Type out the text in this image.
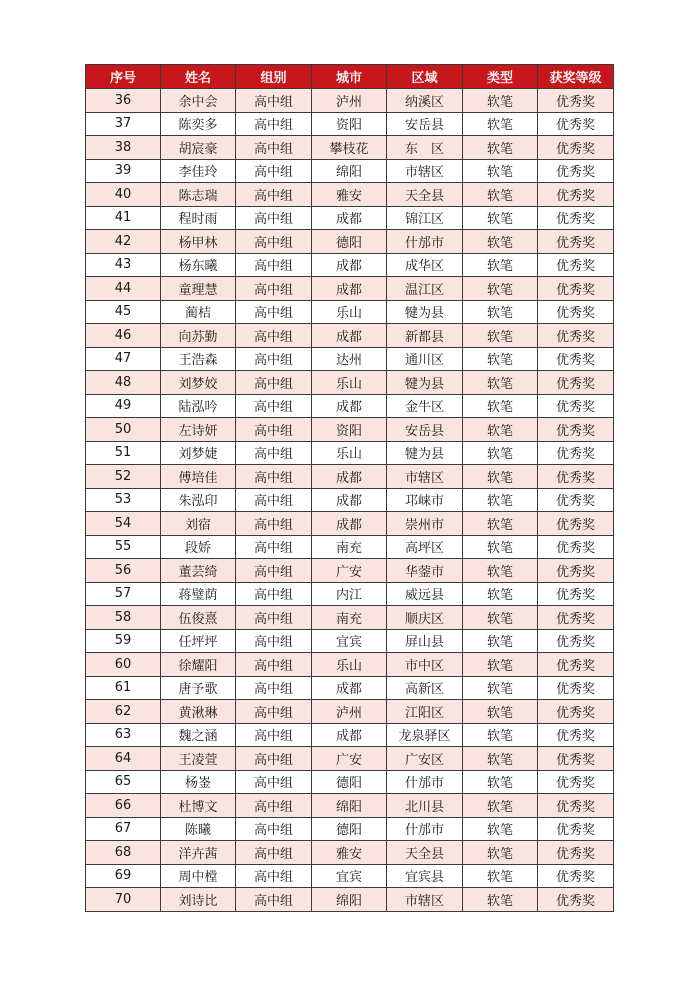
序号	姓名	组别	城市	区域	类型	获奖等级
36	余中会	高中组	泸州	纳溪区	软笔	优秀奖
37	陈奕多	高中组	资阳	安岳县	软笔	优秀奖
38	胡宸豪	高中组	攀枝花	东　区	软笔	优秀奖
39	李佳玲	高中组	绵阳	市辖区	软笔	优秀奖
40	陈志瑞	高中组	雅安	天全县	软笔	优秀奖
41	程时雨	高中组	成都	锦江区	软笔	优秀奖
42	杨甲林	高中组	德阳	什邡市	软笔	优秀奖
43	杨东曦	高中组	成都	成华区	软笔	优秀奖
44	童理慧	高中组	成都	温江区	软笔	优秀奖
45	蔺桔	高中组	乐山	犍为县	软笔	优秀奖
46	向苏勤	高中组	成都	新都县	软笔	优秀奖
47	王浩森	高中组	达州	通川区	软笔	优秀奖
48	刘梦姣	高中组	乐山	犍为县	软笔	优秀奖
49	陆泓吟	高中组	成都	金牛区	软笔	优秀奖
50	左诗妍	高中组	资阳	安岳县	软笔	优秀奖
51	刘梦婕	高中组	乐山	犍为县	软笔	优秀奖
52	傅培佳	高中组	成都	市辖区	软笔	优秀奖
53	朱泓印	高中组	成都	邛崃市	软笔	优秀奖
54	刘宿	高中组	成都	崇州市	软笔	优秀奖
55	段娇	高中组	南充	高坪区	软笔	优秀奖
56	董芸绮	高中组	广安	华蓥市	软笔	优秀奖
57	蒋璧荫	高中组	内江	威远县	软笔	优秀奖
58	伍俊熹	高中组	南充	顺庆区	软笔	优秀奖
59	任坪坪	高中组	宜宾	屏山县	软笔	优秀奖
60	徐耀阳	高中组	乐山	市中区	软笔	优秀奖
61	唐予歌	高中组	成都	高新区	软笔	优秀奖
62	黄湫琳	高中组	泸州	江阳区	软笔	优秀奖
63	魏之涵	高中组	成都	龙泉驿区	软笔	优秀奖
64	王凌萱	高中组	广安	广安区	软笔	优秀奖
65	杨崟	高中组	德阳	什邡市	软笔	优秀奖
66	杜博文	高中组	绵阳	北川县	软笔	优秀奖
67	陈曦	高中组	德阳	什邡市	软笔	优秀奖
68	洋卉茜	高中组	雅安	天全县	软笔	优秀奖
69	周中樘	高中组	宜宾	宜宾县	软笔	优秀奖
70	刘诗比	高中组	绵阳	市辖区	软笔	优秀奖
